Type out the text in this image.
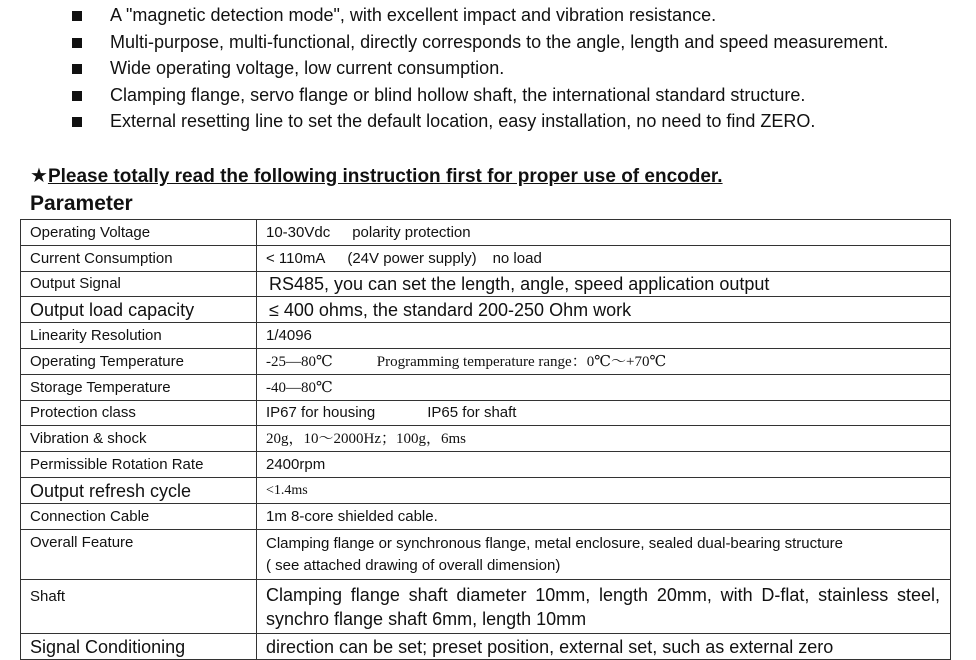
A "magnetic detection mode", with excellent impact and vibration resistance.
Multi-purpose, multi-functional, directly corresponds to the angle, length and speed measurement.
Wide operating voltage, low current consumption.
Clamping flange, servo flange or blind hollow shaft, the international standard structure.
External resetting line to set the default location, easy installation, no need to find ZERO.
★Please totally read the following instruction first for proper use of encoder.
Parameter
Operating Voltage	10-30Vdc polarity protection
Current Consumption	< 110mA (24V power supply) no load
Output Signal	RS485, you can set the length, angle, speed application output
Output load capacity	≤ 400 ohms, the standard 200-250 Ohm work
Linearity Resolution	1/4096
Operating Temperature	-25—80℃ Programming temperature range：0℃～+70℃
Storage Temperature	-40—80℃
Protection class	IP67 for housing IP65 for shaft
Vibration & shock	20g，10～2000Hz；100g，6ms
Permissible Rotation Rate	2400rpm
Output refresh cycle	<1.4ms
Connection Cable	1m 8-core shielded cable.
Overall Feature	Clamping flange or synchronous flange, metal enclosure, sealed dual-bearing structure
( see attached drawing of overall dimension)

Shaft	Clamping flange shaft diameter 10mm, length 20mm, with D-flat, stainless steel, synchro flange shaft 6mm, length 10mm
Signal Conditioning	direction can be set; preset position, external set, such as external zero
